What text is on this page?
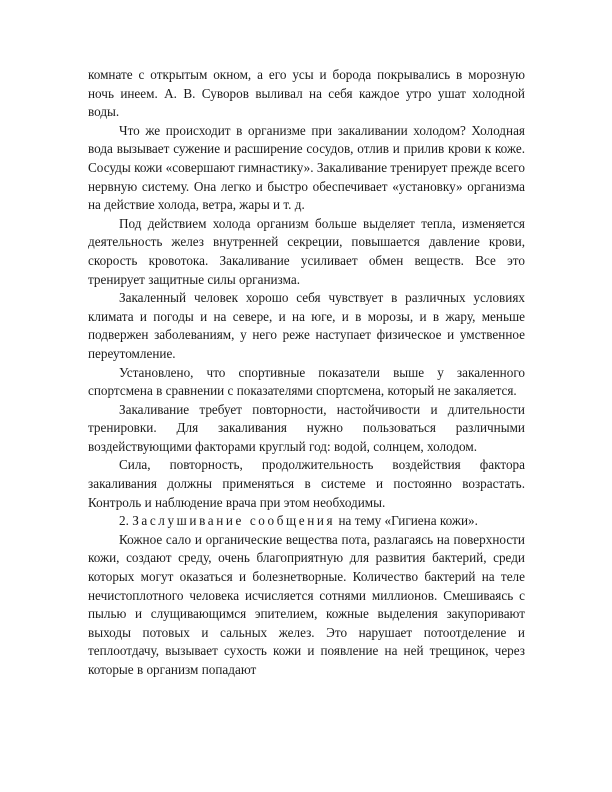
комнате с открытым окном, а его усы и борода покрывались в морозную ночь инеем. А. В. Суворов выливал на себя каждое утро ушат холодной воды.

Что же происходит в организме при закаливании холодом? Холодная вода вызывает сужение и расширение сосудов, отлив и прилив крови к коже. Сосуды кожи «совершают гимнастику». Закаливание тренирует прежде всего нервную систему. Она легко и быстро обеспечивает «установку» организма на действие холода, ветра, жары и т. д.

Под действием холода организм больше выделяет тепла, изменяется деятельность желез внутренней секреции, повышается давление крови, скорость кровотока. Закаливание усиливает обмен веществ. Все это тренирует защитные силы организма.

Закаленный человек хорошо себя чувствует в различных условиях климата и погоды и на севере, и на юге, и в морозы, и в жару, меньше подвержен заболеваниям, у него реже наступает физическое и умственное переутомление.

Установлено, что спортивные показатели выше у закаленного спортсмена в сравнении с показателями спортсмена, который не закаляется.

Закаливание требует повторности, настойчивости и длительности тренировки. Для закаливания нужно пользоваться различными воздействующими факторами круглый год: водой, солнцем, холодом.

Сила, повторность, продолжительность воздействия фактора закаливания должны применяться в системе и постоянно возрастать. Контроль и наблюдение врача при этом необходимы.

2. Заслушивание сообщения на тему «Гигиена кожи».

Кожное сало и органические вещества пота, разлагаясь на поверхности кожи, создают среду, очень благоприятную для развития бактерий, среди которых могут оказаться и болезнетворные. Количество бактерий на теле нечистоплотного человека исчисляется сотнями миллионов. Смешиваясь с пылью и слущивающимся эпителием, кожные выделения закупоривают выходы потовых и сальных желез. Это нарушает потоотделение и теплоотдачу, вызывает сухость кожи и появление на ней трещинок, через которые в организм попадают
